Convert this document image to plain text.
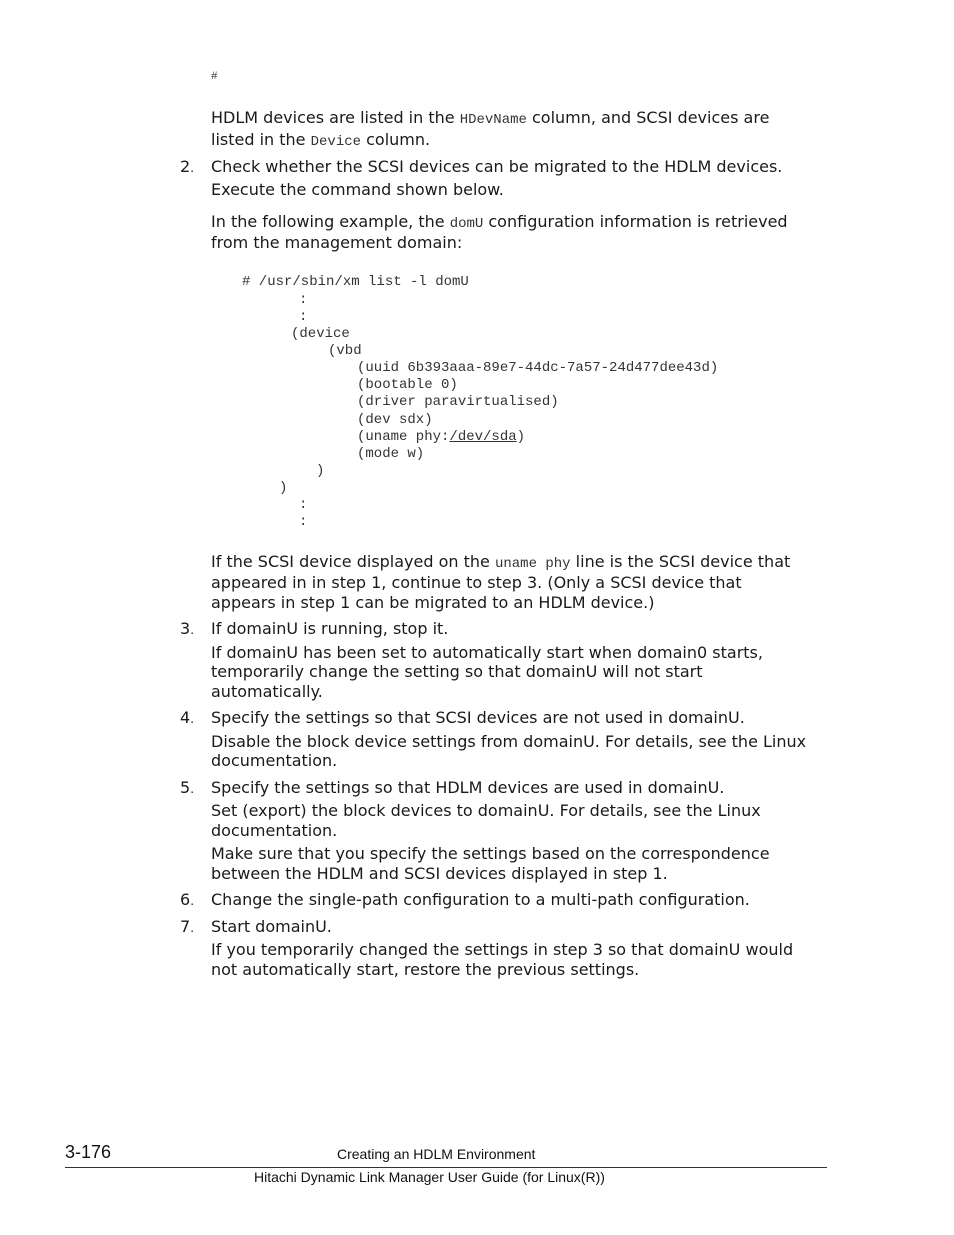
#
HDLM devices are listed in the HDevName column, and SCSI devices are
listed in the Device column.
2. Check whether the SCSI devices can be migrated to the HDLM devices.
Execute the command shown below.
In the following example, the domU configuration information is retrieved
from the management domain:
# /usr/sbin/xm list -l domU
:
:
(device
(vbd
(uuid 6b393aaa-89e7-44dc-7a57-24d477dee43d)
(bootable 0)
(driver paravirtualised)
(dev sdx)
(uname phy:/dev/sda)
(mode w)
)
)
:
:
If the SCSI device displayed on the uname phy line is the SCSI device that
appeared in in step 1, continue to step 3. (Only a SCSI device that
appears in step 1 can be migrated to an HDLM device.)
3. If domainU is running, stop it.
If domainU has been set to automatically start when domain0 starts,
temporarily change the setting so that domainU will not start
automatically.
4. Specify the settings so that SCSI devices are not used in domainU.
Disable the block device settings from domainU. For details, see the Linux
documentation.
5. Specify the settings so that HDLM devices are used in domainU.
Set (export) the block devices to domainU. For details, see the Linux
documentation.
Make sure that you specify the settings based on the correspondence
between the HDLM and SCSI devices displayed in step 1.
6. Change the single-path configuration to a multi-path configuration.
7. Start domainU.
If you temporarily changed the settings in step 3 so that domainU would
not automatically start, restore the previous settings.
3-176	Creating an HDLM Environment
Hitachi Dynamic Link Manager User Guide (for Linux(R))
